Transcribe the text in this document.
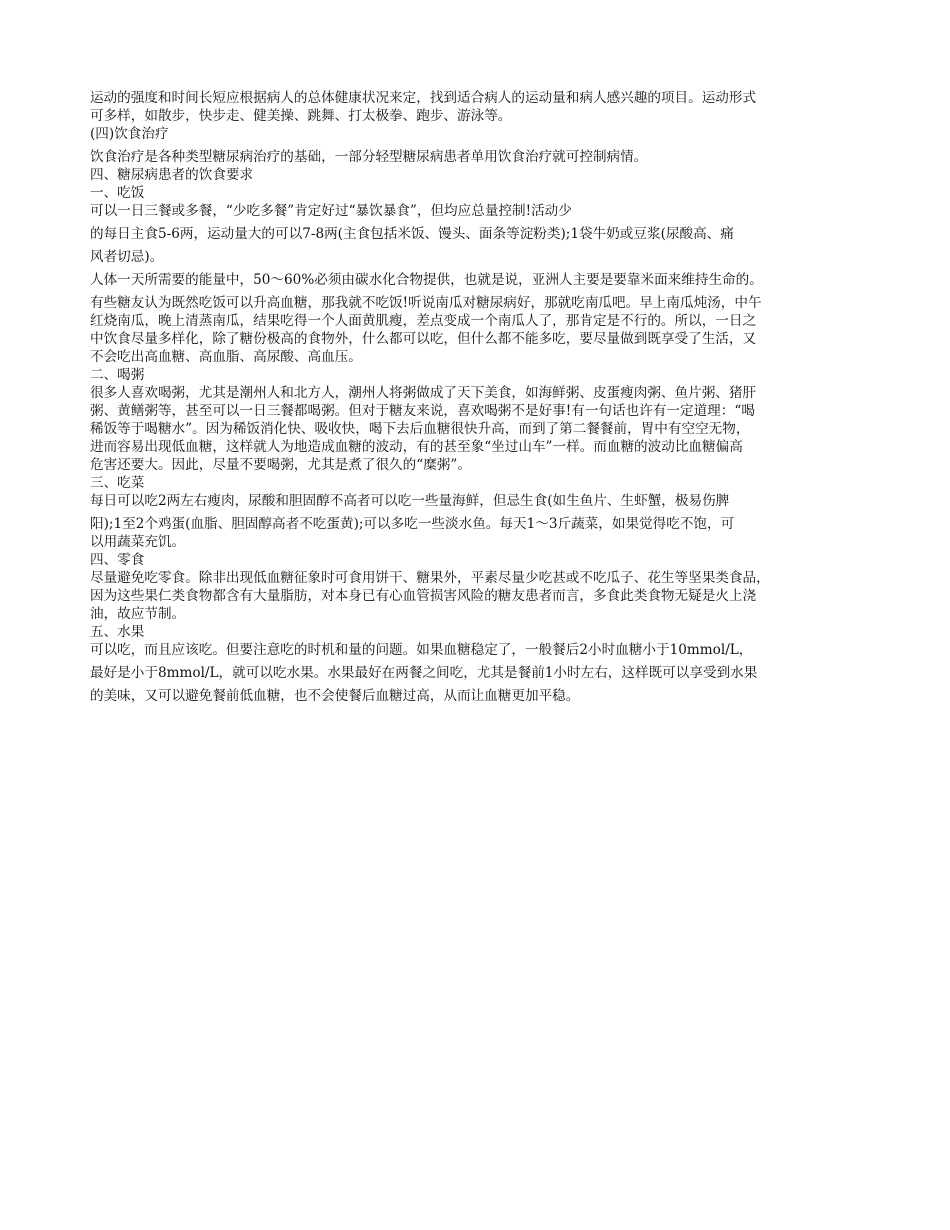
运动的强度和时间长短应根据病人的总体健康状况来定，找到适合病人的运动量和病人感兴趣的项目。运动形式

可多样，如散步，快步走、健美操、跳舞、打太极拳、跑步、游泳等。

(四)饮食治疗

饮食治疗是各种类型糖尿病治疗的基础，一部分轻型糖尿病患者单用饮食治疗就可控制病情。

四、糖尿病患者的饮食要求

一、吃饭

可以一日三餐或多餐，“少吃多餐”肯定好过“暴饮暴食”，但均应总量控制!活动少

的每日主食5-6两，运动量大的可以7-8两(主食包括米饭、馒头、面条等淀粉类);1袋牛奶或豆浆(尿酸高、痛

风者切忌)。

人体一天所需要的能量中，50～60%必须由碳水化合物提供，也就是说，亚洲人主要是要靠米面来维持生命的。

有些糖友认为既然吃饭可以升高血糖，那我就不吃饭!听说南瓜对糖尿病好，那就吃南瓜吧。早上南瓜炖汤，中午

红烧南瓜，晚上清蒸南瓜，结果吃得一个人面黄肌瘦，差点变成一个南瓜人了，那肯定是不行的。所以，一日之

中饮食尽量多样化，除了糖份极高的食物外，什么都可以吃，但什么都不能多吃，要尽量做到既享受了生活，又

不会吃出高血糖、高血脂、高尿酸、高血压。

二、喝粥

很多人喜欢喝粥，尤其是潮州人和北方人，潮州人将粥做成了天下美食，如海鲜粥、皮蛋瘦肉粥、鱼片粥、猪肝

粥、黄鳝粥等，甚至可以一日三餐都喝粥。但对于糖友来说，喜欢喝粥不是好事!有一句话也许有一定道理：“喝

稀饭等于喝糖水”。因为稀饭消化快、吸收快，喝下去后血糖很快升高，而到了第二餐餐前，胃中有空空无物，

进而容易出现低血糖，这样就人为地造成血糖的波动，有的甚至象“坐过山车”一样。而血糖的波动比血糖偏高

危害还要大。因此，尽量不要喝粥，尤其是煮了很久的“糜粥”。

三、吃菜

每日可以吃2两左右瘦肉，尿酸和胆固醇不高者可以吃一些量海鲜，但忌生食(如生鱼片、生虾蟹，极易伤脾

阳);1至2个鸡蛋(血脂、胆固醇高者不吃蛋黄);可以多吃一些淡水鱼。每天1～3斤蔬菜，如果觉得吃不饱，可

以用蔬菜充饥。

四、零食

尽量避免吃零食。除非出现低血糖征象时可食用饼干、糖果外，平素尽量少吃甚或不吃瓜子、花生等坚果类食品，

因为这些果仁类食物都含有大量脂肪，对本身已有心血管损害风险的糖友患者而言，多食此类食物无疑是火上浇

油，故应节制。

五、水果

可以吃，而且应该吃。但要注意吃的时机和量的问题。如果血糖稳定了，一般餐后2小时血糖小于10mmol/L，

最好是小于8mmol/L，就可以吃水果。水果最好在两餐之间吃，尤其是餐前1小时左右，这样既可以享受到水果

的美味，又可以避免餐前低血糖，也不会使餐后血糖过高，从而让血糖更加平稳。
